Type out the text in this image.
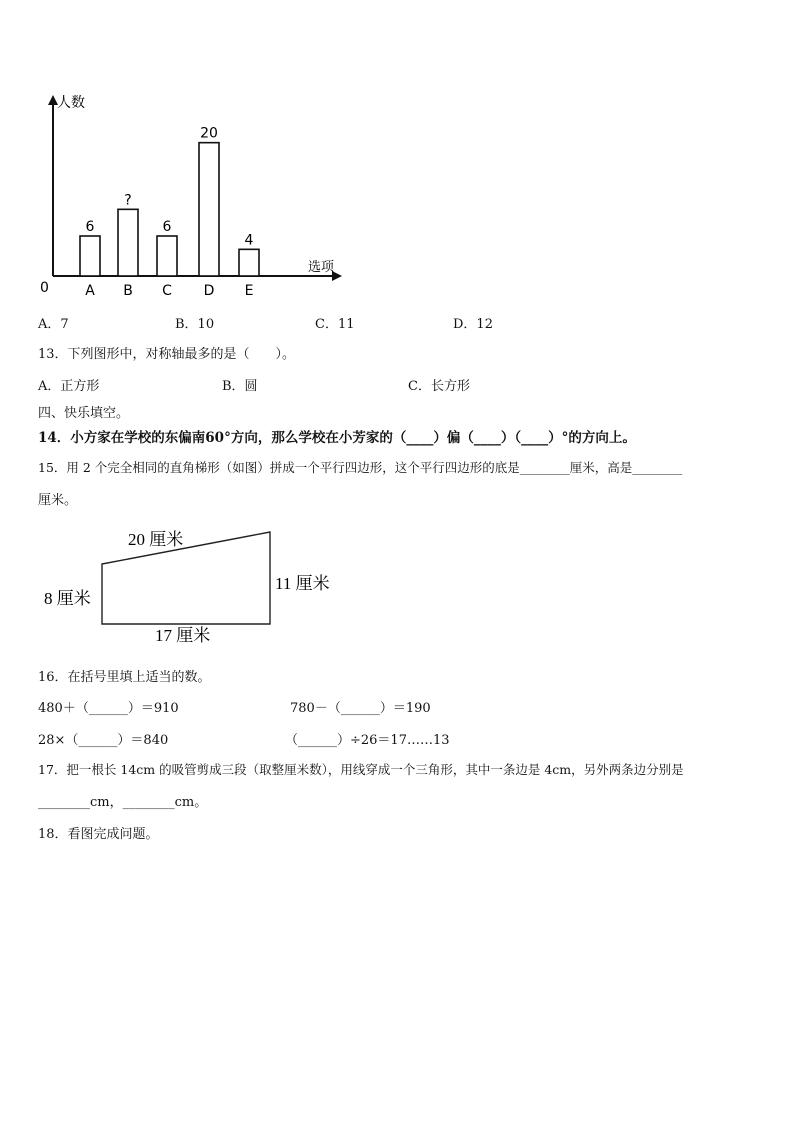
人数
选项
0
6
A
?
B
6
C
20
D
4
E
A．7	B．10	C．11	D．12
13．下列图形中，对称轴最多的是（　　）。
A．正方形	B．圆	C．长方形
四、快乐填空。
14．小方家在学校的东偏南60°方向，那么学校在小芳家的（____）偏（____）（____）°的方向上。
15．用 2 个完全相同的直角梯形（如图）拼成一个平行四边形，这个平行四边形的底是________厘米，高是________
厘米。
20 厘米
8 厘米
11 厘米
17 厘米
16．在括号里填上适当的数。
480＋（______）＝910	780－（______）＝190
28×（______）＝840	（______）÷26＝17……13
17．把一根长 14cm 的吸管剪成三段（取整厘米数），用线穿成一个三角形，其中一条边是 4cm，另外两条边分别是
________cm，________cm。
18．看图完成问题。
